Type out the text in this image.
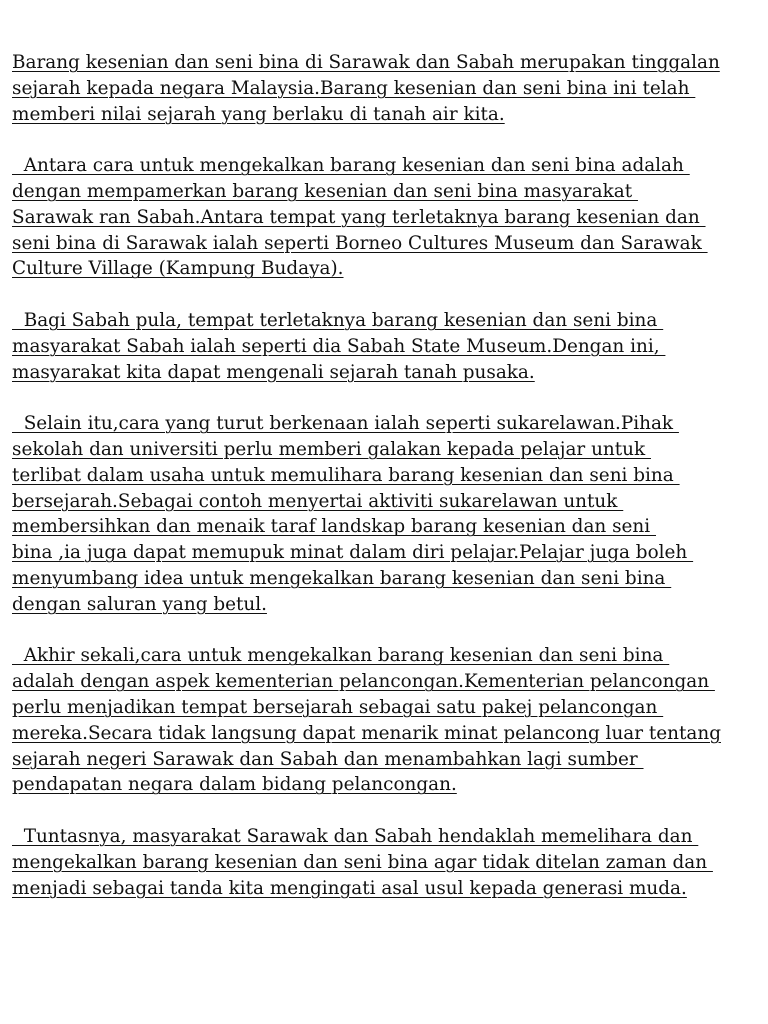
Barang kesenian dan seni bina di Sarawak dan Sabah merupakan tinggalan
sejarah kepada negara Malaysia.Barang kesenian dan seni bina ini telah
memberi nilai sejarah yang berlaku di tanah air kita.
Antara cara untuk mengekalkan barang kesenian dan seni bina adalah
dengan mempamerkan barang kesenian dan seni bina masyarakat
Sarawak ran Sabah.Antara tempat yang terletaknya barang kesenian dan
seni bina di Sarawak ialah seperti Borneo Cultures Museum dan Sarawak
Culture Village (Kampung Budaya).
Bagi Sabah pula, tempat terletaknya barang kesenian dan seni bina
masyarakat Sabah ialah seperti dia Sabah State Museum.Dengan ini,
masyarakat kita dapat mengenali sejarah tanah pusaka.
Selain itu,cara yang turut berkenaan ialah seperti sukarelawan.Pihak
sekolah dan universiti perlu memberi galakan kepada pelajar untuk
terlibat dalam usaha untuk memulihara barang kesenian dan seni bina
bersejarah.Sebagai contoh menyertai aktiviti sukarelawan untuk
membersihkan dan menaik taraf landskap barang kesenian dan seni
bina ,ia juga dapat memupuk minat dalam diri pelajar.Pelajar juga boleh
menyumbang idea untuk mengekalkan barang kesenian dan seni bina
dengan saluran yang betul.
Akhir sekali,cara untuk mengekalkan barang kesenian dan seni bina
adalah dengan aspek kementerian pelancongan.Kementerian pelancongan
perlu menjadikan tempat bersejarah sebagai satu pakej pelancongan
mereka.Secara tidak langsung dapat menarik minat pelancong luar tentang
sejarah negeri Sarawak dan Sabah dan menambahkan lagi sumber
pendapatan negara dalam bidang pelancongan.
Tuntasnya, masyarakat Sarawak dan Sabah hendaklah memelihara dan
mengekalkan barang kesenian dan seni bina agar tidak ditelan zaman dan
menjadi sebagai tanda kita mengingati asal usul kepada generasi muda.
